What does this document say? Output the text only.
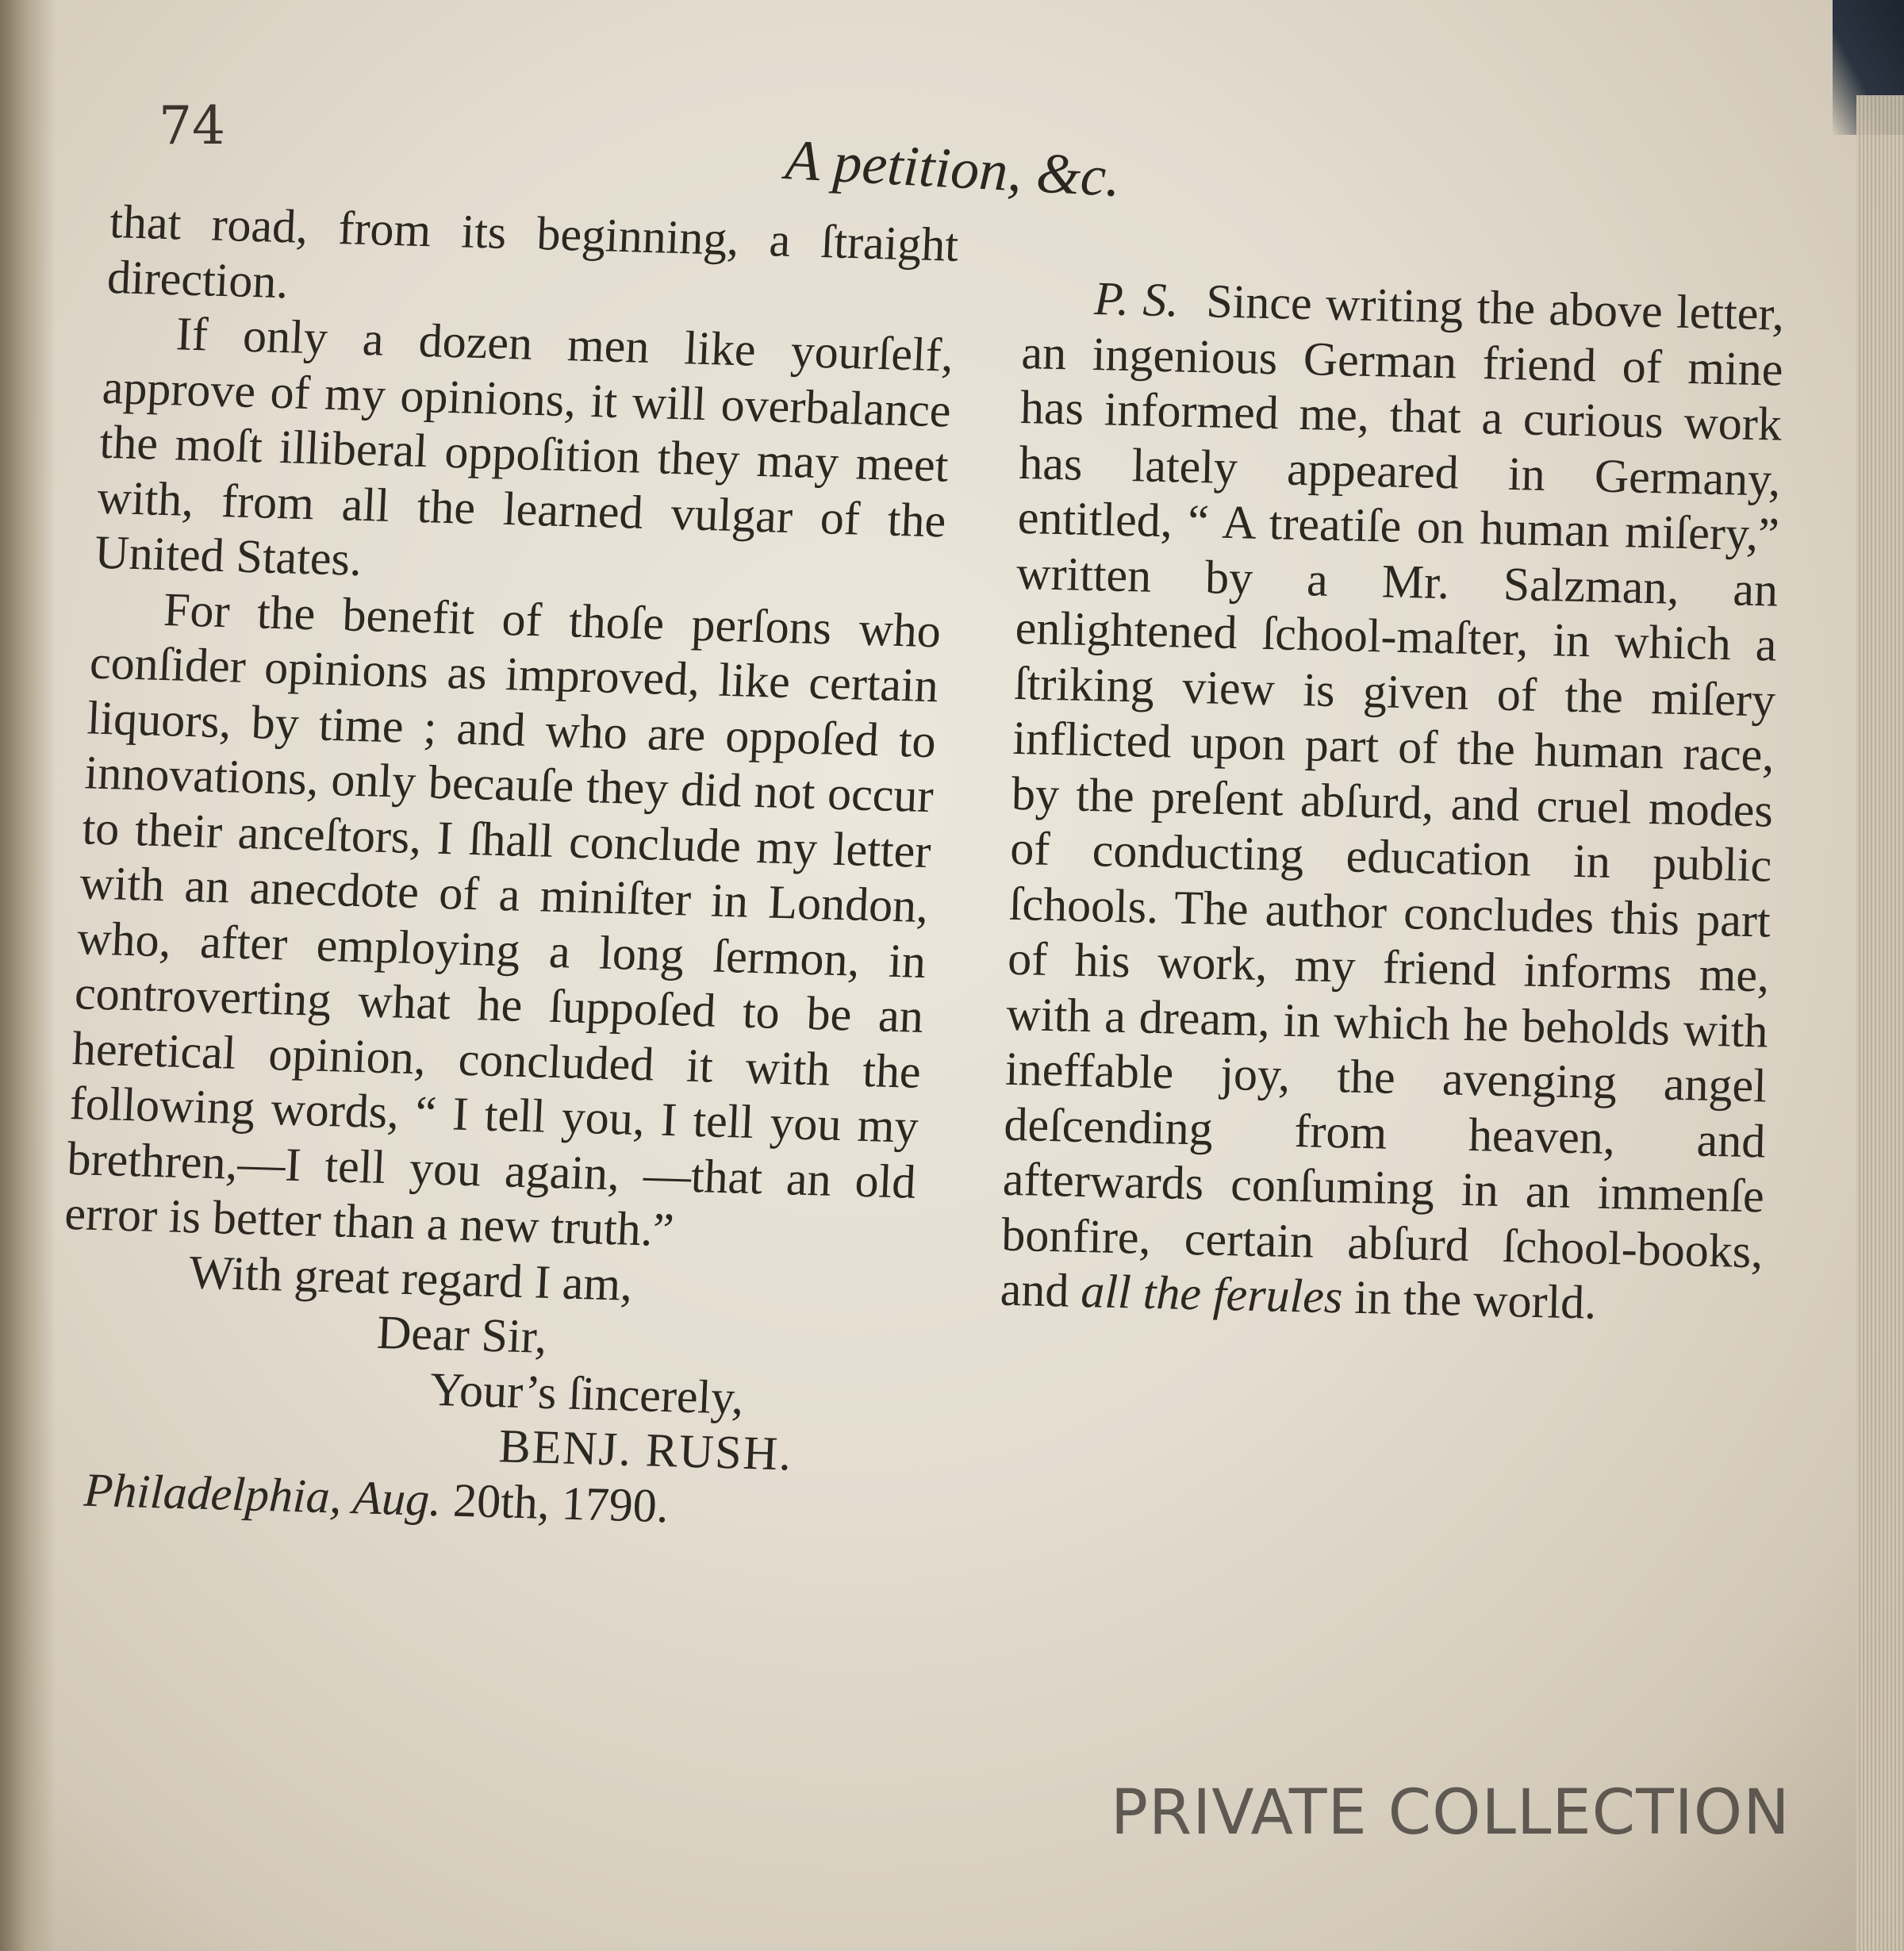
74
A petition, &c.

that road, from its beginning, a ſtraight direction.

If only a dozen men like yourſelf, approve of my opinions, it will overbalance the moſt illiberal oppoſition they may meet with, from all the learned vulgar of the United States.

For the benefit of thoſe perſons who conſider opinions as improved, like certain liquors, by time ; and who are oppoſed to innovations, only becauſe they did not occur to their anceſtors, I ſhall conclude my letter with an anecdote of a miniſter in London, who, after employing a long ſermon, in controverting what he ſuppoſed to be an heretical opinion, concluded it with the following words, “ I tell you, I tell you my brethren,—I tell you again, —that an old error is better than a new truth.”

With great regard I am,

Dear Sir,

Your’s ſincerely,

BENJ. RUSH.

Philadelphia, Aug. 20th, 1790.

P. S. Since writing the above letter, an ingenious German friend of mine has informed me, that a curious work has lately appeared in Germany, entitled, “ A treatiſe on human miſery,” written by a Mr. Salzman, an enlightened ſchool-maſter, in which a ſtriking view is given of the miſery inflicted upon part of the human race, by the preſent abſurd, and cruel modes of conducting education in public ſchools. The author concludes this part of his work, my friend informs me, with a dream, in which he beholds with ineffable joy, the avenging angel deſcending from heaven, and afterwards conſuming in an immenſe bonfire, certain abſurd ſchool-books, and all the ferules in the world.

PRIVATE COLLECTION
